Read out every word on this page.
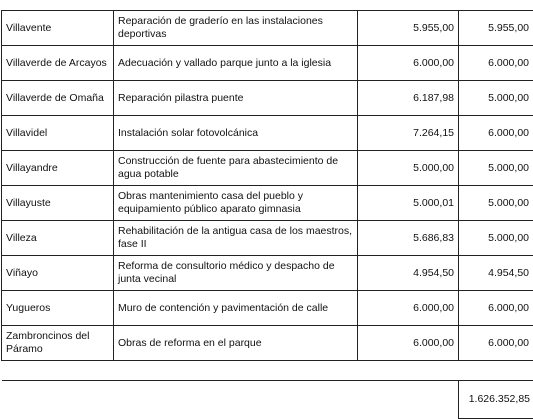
Villavente	Reparación de graderío en las instalaciones deportivas	5.955,00	5.955,00
Villaverde de Arcayos	Adecuación y vallado parque junto a la iglesia	6.000,00	6.000,00
Villaverde de Omaña	Reparación pilastra puente	6.187,98	5.000,00
Villavidel	Instalación solar fotovolcánica	7.264,15	6.000,00
Villayandre	Construcción de fuente para abastecimiento de agua potable	5.000,00	5.000,00
Villayuste	Obras mantenimiento casa del pueblo y equipamiento público aparato gimnasia	5.000,01	5.000,00
Villeza	Rehabilitación de la antigua casa de los maestros, fase II	5.686,83	5.000,00
Viñayo	Reforma de consultorio médico y despacho de junta vecinal	4.954,50	4.954,50
Yugueros	Muro de contención y pavimentación de calle	6.000,00	6.000,00
Zambroncinos del Páramo	Obras de reforma en el parque	6.000,00	6.000,00

			1.626.352,85
